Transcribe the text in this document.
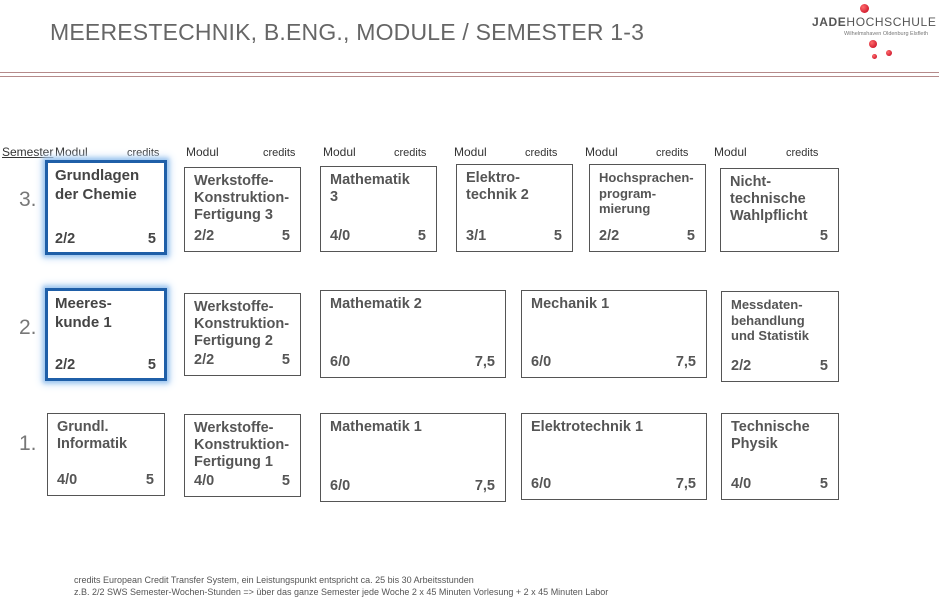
MEERESTECHNIK, B.ENG., MODULE / SEMESTER 1-3	JADEHOCHSCHULE
Wilhelmshaven Oldenburg Elsfleth
Semester Modul	credits Modul	credits Modul	credits Modul	credits Modul	credits Modul	credits
3.
Grundlagen
der Chemie
2/2	5
Werkstoffe-
Konstruktion-
Fertigung 3
2/2	5
Mathematik
3
4/0	5
Elektro-
technik 2
3/1	5
Hochsprachen-
program-
mierung
2/2	5
Nicht-
technische
Wahlpflicht
5
2.
Meeres-
kunde 1
2/2	5
Werkstoffe-
Konstruktion-
Fertigung 2
2/2	5
Mathematik 2
6/0	7,5
Mechanik 1
6/0	7,5
Messdaten-
behandlung
und Statistik
2/2	5
1.
Grundl.
Informatik
4/0	5
Werkstoffe-
Konstruktion-
Fertigung 1
4/0	5
Mathematik 1
6/0	7,5
Elektrotechnik 1
6/0	7,5
Technische
Physik
4/0	5
credits European Credit Transfer System, ein Leistungspunkt entspricht ca. 25 bis 30 Arbeitsstunden
z.B. 2/2 SWS Semester-Wochen-Stunden => über das ganze Semester jede Woche 2 x 45 Minuten Vorlesung + 2 x 45 Minuten Labor
